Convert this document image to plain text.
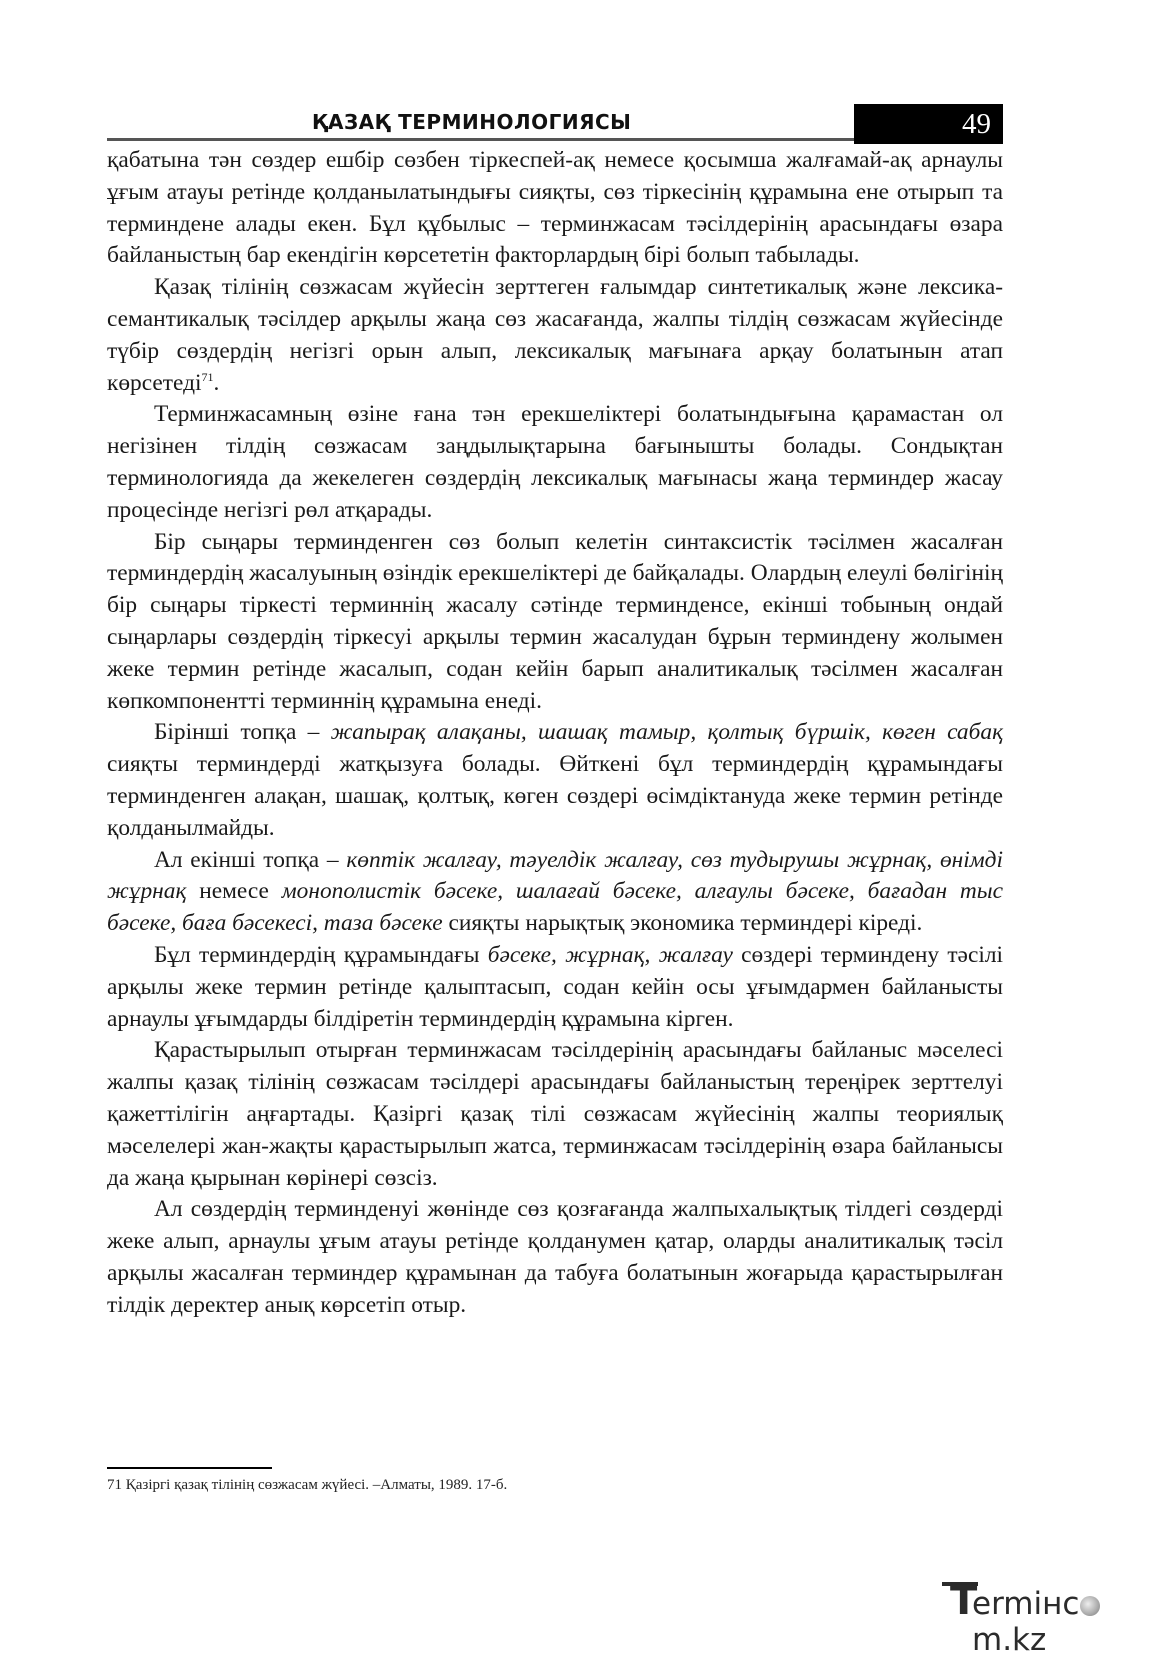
ҚАЗАҚ ТЕРМИНОЛОГИЯСЫ	49

қабатына тән сөздер ешбір сөзбен тіркеспей-ақ немесе қосымша жалғамай-ақ арнаулы ұғым атауы ретінде қолданылатындығы сияқты, сөз тіркесінің құрамына ене отырып та терминдене алады екен. Бұл құбылыс – терминжасам тәсілдерінің арасындағы өзара байланыстың бар екендігін көрсететін факторлардың бірі болып табылады.

Қазақ тілінің сөзжасам жүйесін зерттеген ғалымдар синтетикалық және лексика-семантикалық тәсілдер арқылы жаңа сөз жасағанда, жалпы тілдің сөзжасам жүйесінде түбір сөздердің негізгі орын алып, лексикалық мағынаға арқау болатынын атап көрсетеді$^{71}$.

Терминжасамның өзіне ғана тән ерекшеліктері болатындығына қарамастан ол негізінен тілдің сөзжасам заңдылықтарына бағынышты болады. Сондықтан терминологияда да жекелеген сөздердің лексикалық мағынасы жаңа терминдер жасау процесінде негізгі рөл атқарады.

Бір сыңары терминденген сөз болып келетін синтаксистік тәсілмен жасалған терминдердің жасалуының өзіндік ерекшеліктері де байқалады. Олардың елеулі бөлігінің бір сыңары тіркесті терминнің жасалу сәтінде терминденсе, екінші тобының ондай сыңарлары сөздердің тіркесуі арқылы термин жасалудан бұрын терминдену жолымен жеке термин ретінде жасалып, содан кейін барып аналитикалық тәсілмен жасалған көпкомпонентті терминнің құрамына енеді.

Бірінші топқа – жапырақ алақаны, шашақ тамыр, қолтық бүршік, көген сабақ сияқты терминдерді жатқызуға болады. Өйткені бұл терминдердің құрамындағы терминденген алақан, шашақ, қолтық, көген сөздері өсімдіктануда жеке термин ретінде қолданылмайды.

Ал екінші топқа – көптік жалғау, тәуелдік жалғау, сөз тудырушы жұрнақ, өнімді жұрнақ немесе монополистік бәсеке, шалағай бәсеке, алғаулы бәсеке, бағадан тыс бәсеке, баға бәсекесі, таза бәсеке сияқты нарықтық экономика терминдері кіреді.

Бұл терминдердің құрамындағы бәсеке, жұрнақ, жалғау сөздері терминдену тәсілі арқылы жеке термин ретінде қалыптасып, содан кейін осы ұғымдармен байланысты арнаулы ұғымдарды білдіретін терминдердің құрамына кірген.

Қарастырылып отырған терминжасам тәсілдерінің арасындағы байланыс мәселесі жалпы қазақ тілінің сөзжасам тәсілдері арасындағы байланыстың тереңірек зерттелуі қажеттілігін аңғартады. Қазіргі қазақ тілі сөзжасам жүйесінің жалпы теориялық мәселелері жан-жақты қарастырылып жатса, терминжасам тәсілдерінің өзара байланысы да жаңа қырынан көрінері сөзсіз.

Ал сөздердің терминденуі жөнінде сөз қозғағанда жалпыхалықтық тілдегі сөздерді жеке алып, арнаулы ұғым атауы ретінде қолданумен қатар, оларды аналитикалық тәсіл арқылы жасалған терминдер құрамынан да табуға болатынын жоғарыда қарастырылған тілдік деректер анық көрсетіп отыр.

71 Қазіргі қазақ тілінің сөзжасам жүйесі. –Алматы, 1989. 17-б.
T
ermінcm.kz
